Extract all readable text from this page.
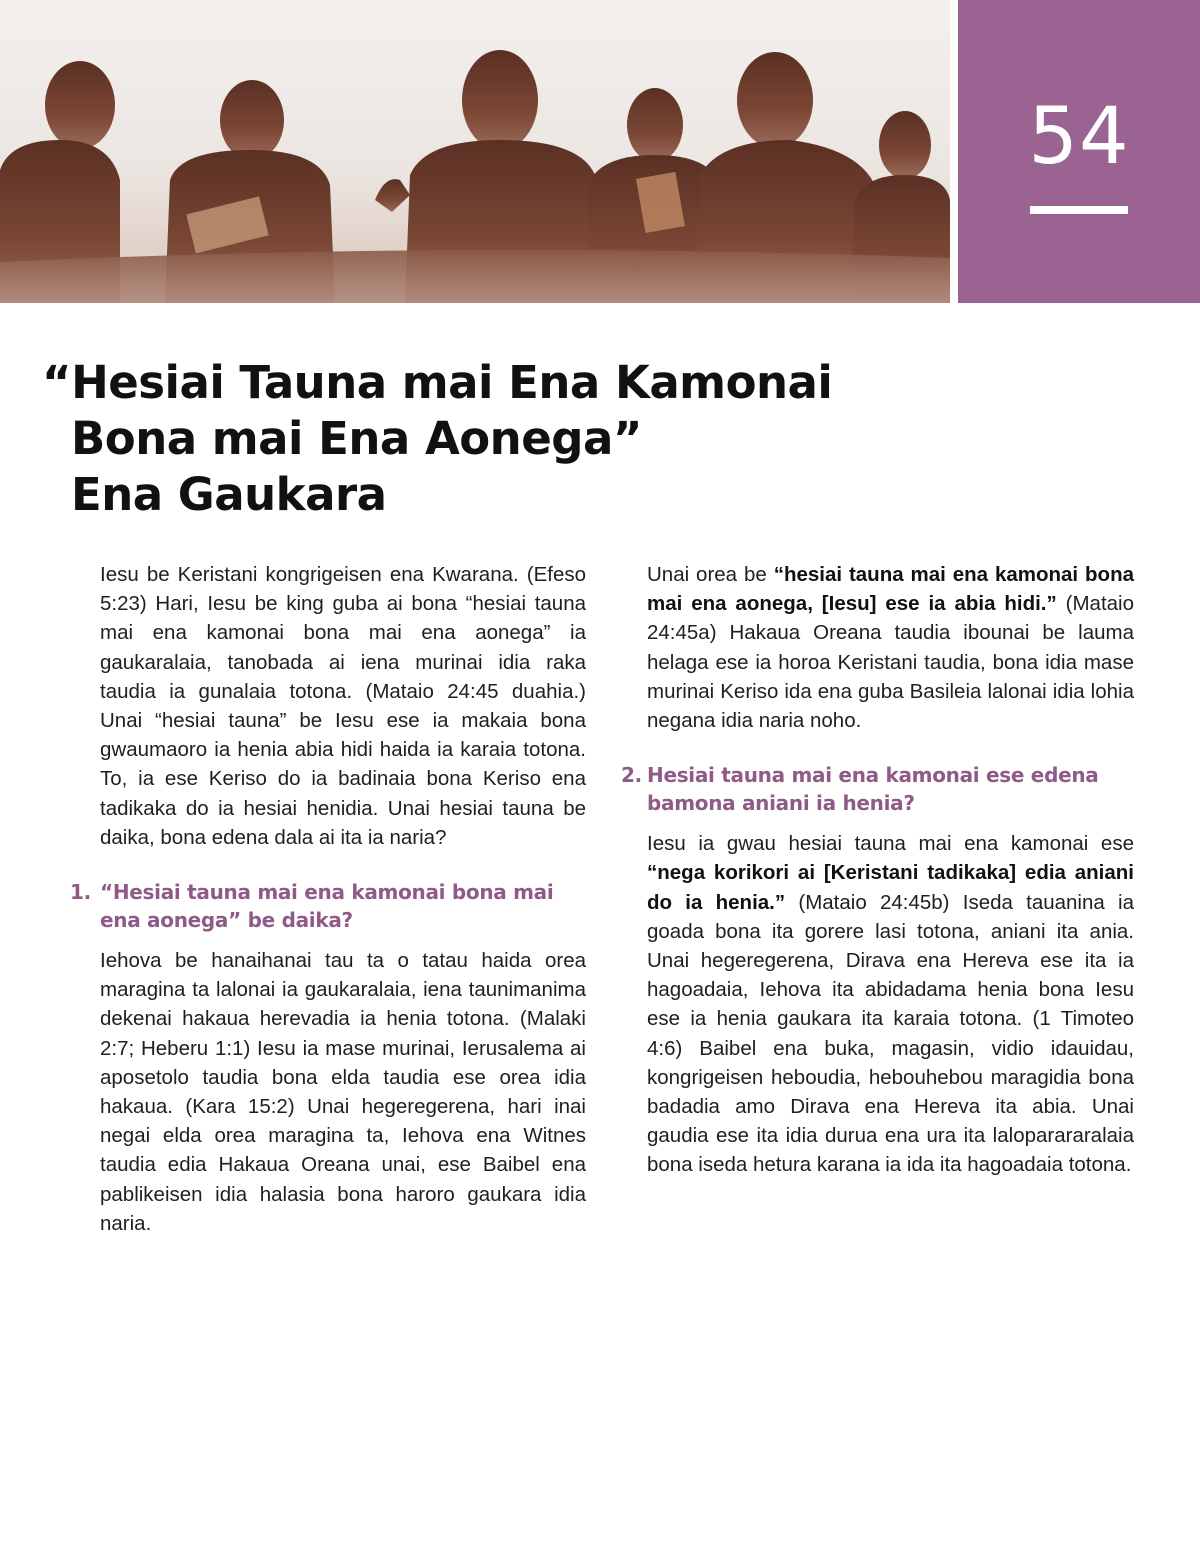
54
“Hesiai Tauna mai Ena Kamonai
Bona mai Ena Aonega”
Ena Gaukara

Iesu be Keristani kongrigeisen ena Kwarana. (Efeso 5:23) Hari, Iesu be king guba ai bona “hesiai tauna mai ena kamonai bona mai ena aonega” ia gaukaralaia, tanobada ai iena murinai idia raka taudia ia gunalaia totona. (Mataio 24:45 duahia.) Unai “hesiai tauna” be Iesu ese ia makaia bona gwaumaoro ia henia abia hidi haida ia karaia totona. To, ia ese Keriso do ia badinaia bona Keriso ena tadikaka do ia hesiai henidia. Unai hesiai tauna be daika, bona edena dala ai ita ia naria?

1. “Hesiai tauna mai ena kamonai bona mai ena aonega” be daika?

Iehova be hanaihanai tau ta o tatau haida orea maragina ta lalonai ia gaukaralaia, iena taunimanima dekenai hakaua herevadia ia henia totona. (Malaki 2:7; Heberu 1:1) Iesu ia mase murinai, Ierusalema ai aposetolo taudia bona elda taudia ese orea idia hakaua. (Kara 15:2) Unai hegeregerena, hari inai negai elda orea maragina ta, Iehova ena Witnes taudia edia Hakaua Oreana unai, ese Baibel ena pablikeisen idia halasia bona haroro gaukara idia naria.

Unai orea be “hesiai tauna mai ena kamonai bona mai ena aonega, [Iesu] ese ia abia hidi.” (Mataio 24:45a) Hakaua Oreana taudia ibounai be lauma helaga ese ia horoa Keristani taudia, bona idia mase murinai Keriso ida ena guba Basileia lalonai idia lohia negana idia naria noho.

2. Hesiai tauna mai ena kamonai ese edena bamona aniani ia henia?

Iesu ia gwau hesiai tauna mai ena kamonai ese “nega korikori ai [Keristani tadikaka] edia aniani do ia henia.” (Mataio 24:45b) Iseda tauanina ia goada bona ita gorere lasi totona, aniani ita ania. Unai hegeregerena, Dirava ena Hereva ese ita ia hagoadaia, Iehova ita abidadama henia bona Iesu ese ia henia gaukara ita karaia totona. (1 Timoteo 4:6) Baibel ena buka, magasin, vidio idauidau, kongrigeisen heboudia, hebouhebou maragidia bona badadia amo Dirava ena Hereva ita abia. Unai gaudia ese ita idia durua ena ura ita laloparararalaia bona iseda hetura karana ia ida ita hagoadaia totona.
